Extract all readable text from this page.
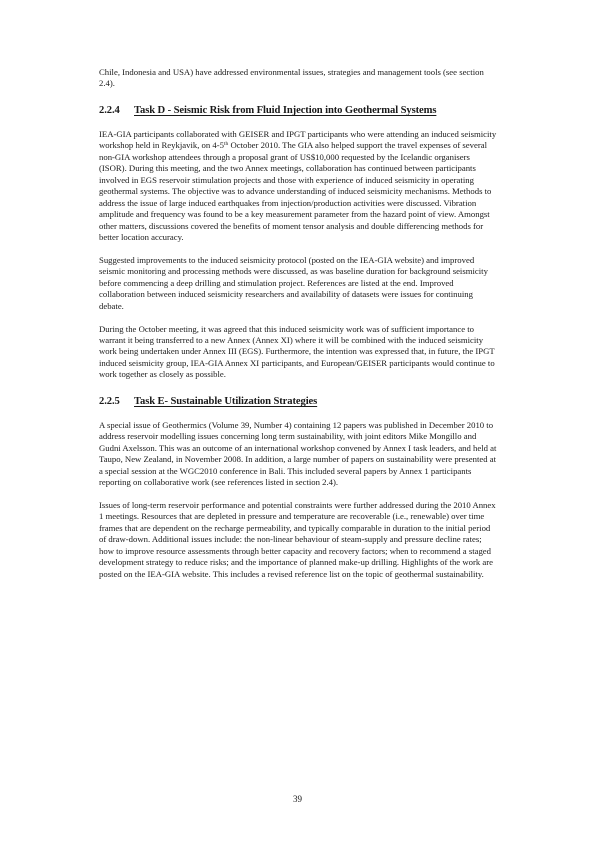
Chile, Indonesia and USA) have addressed environmental issues, strategies and management tools (see section 2.4).

2.2.4 Task D - Seismic Risk from Fluid Injection into Geothermal Systems

IEA-GIA participants collaborated with GEISER and IPGT participants who were attending an induced seismicity workshop held in Reykjavik, on 4-5th October 2010. The GIA also helped support the travel expenses of several non-GIA workshop attendees through a proposal grant of US$10,000 requested by the Icelandic organisers (ISOR). During this meeting, and the two Annex meetings, collaboration has continued between participants involved in EGS reservoir stimulation projects and those with experience of induced seismicity in operating geothermal systems. The objective was to advance understanding of induced seismicity mechanisms. Methods to address the issue of large induced earthquakes from injection/production activities were discussed. Vibration amplitude and frequency was found to be a key measurement parameter from the hazard point of view. Amongst other matters, discussions covered the benefits of moment tensor analysis and double differencing methods for better location accuracy.

Suggested improvements to the induced seismicity protocol (posted on the IEA-GIA website) and improved seismic monitoring and processing methods were discussed, as was baseline duration for background seismicity before commencing a deep drilling and stimulation project. References are listed at the end. Improved collaboration between induced seismicity researchers and availability of datasets were issues for continuing debate.

During the October meeting, it was agreed that this induced seismicity work was of sufficient importance to warrant it being transferred to a new Annex (Annex XI) where it will be combined with the induced seismicity work being undertaken under Annex III (EGS). Furthermore, the intention was expressed that, in future, the IPGT induced seismicity group, IEA-GIA Annex XI participants, and European/GEISER participants would continue to work together as closely as possible.

2.2.5 Task E- Sustainable Utilization Strategies

A special issue of Geothermics (Volume 39, Number 4) containing 12 papers was published in December 2010 to address reservoir modelling issues concerning long term sustainability, with joint editors Mike Mongillo and Gudni Axelsson. This was an outcome of an international workshop convened by Annex I task leaders, and held at Taupo, New Zealand, in November 2008. In addition, a large number of papers on sustainability were presented at a special session at the WGC2010 conference in Bali. This included several papers by Annex 1 participants reporting on collaborative work (see references listed in section 2.4).

Issues of long-term reservoir performance and potential constraints were further addressed during the 2010 Annex 1 meetings. Resources that are depleted in pressure and temperature are recoverable (i.e., renewable) over time frames that are dependent on the recharge permeability, and typically comparable in duration to the initial period of draw-down. Additional issues include: the non-linear behaviour of steam-supply and pressure decline rates; how to improve resource assessments through better capacity and recovery factors; when to recommend a staged development strategy to reduce risks; and the importance of planned make-up drilling. Highlights of the work are posted on the IEA-GIA website. This includes a revised reference list on the topic of geothermal sustainability.

39
